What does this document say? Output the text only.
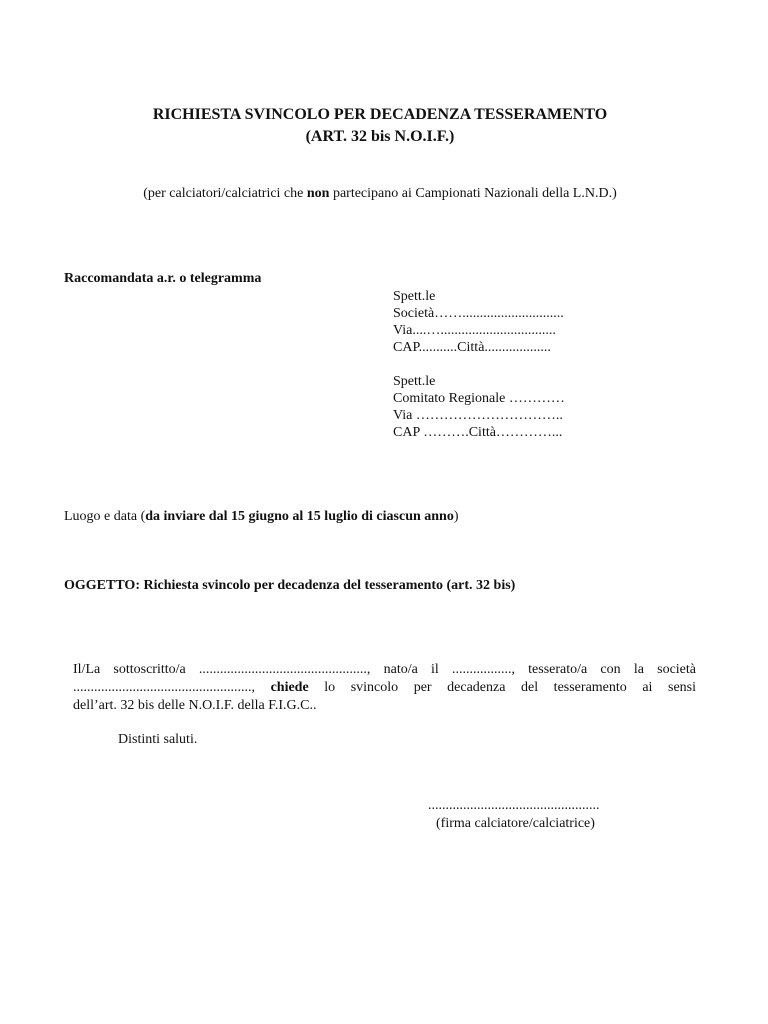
RICHIESTA SVINCOLO PER DECADENZA TESSERAMENTO
(ART. 32 bis N.O.I.F.)
(per calciatori/calciatrici che non partecipano ai Campionati Nazionali della L.N.D.)
Raccomandata a.r. o telegramma
Spett.le
Società…….............................
Via....….................................
CAP...........Città...................
Spett.le
Comitato Regionale …………
Via …………………………..
CAP ……….Città…………...
Luogo e data (da inviare dal 15 giugno al 15 luglio di ciascun anno)
OGGETTO: Richiesta svincolo per decadenza del tesseramento (art. 32 bis)
Il/La sottoscritto/a ................................................, nato/a il ................., tesserato/a con la società
..................................................., chiede lo svincolo per decadenza del tesseramento ai sensi
dell’art. 32 bis delle N.O.I.F. della F.I.G.C..
Distinti saluti.
.................................................
(firma calciatore/calciatrice)
